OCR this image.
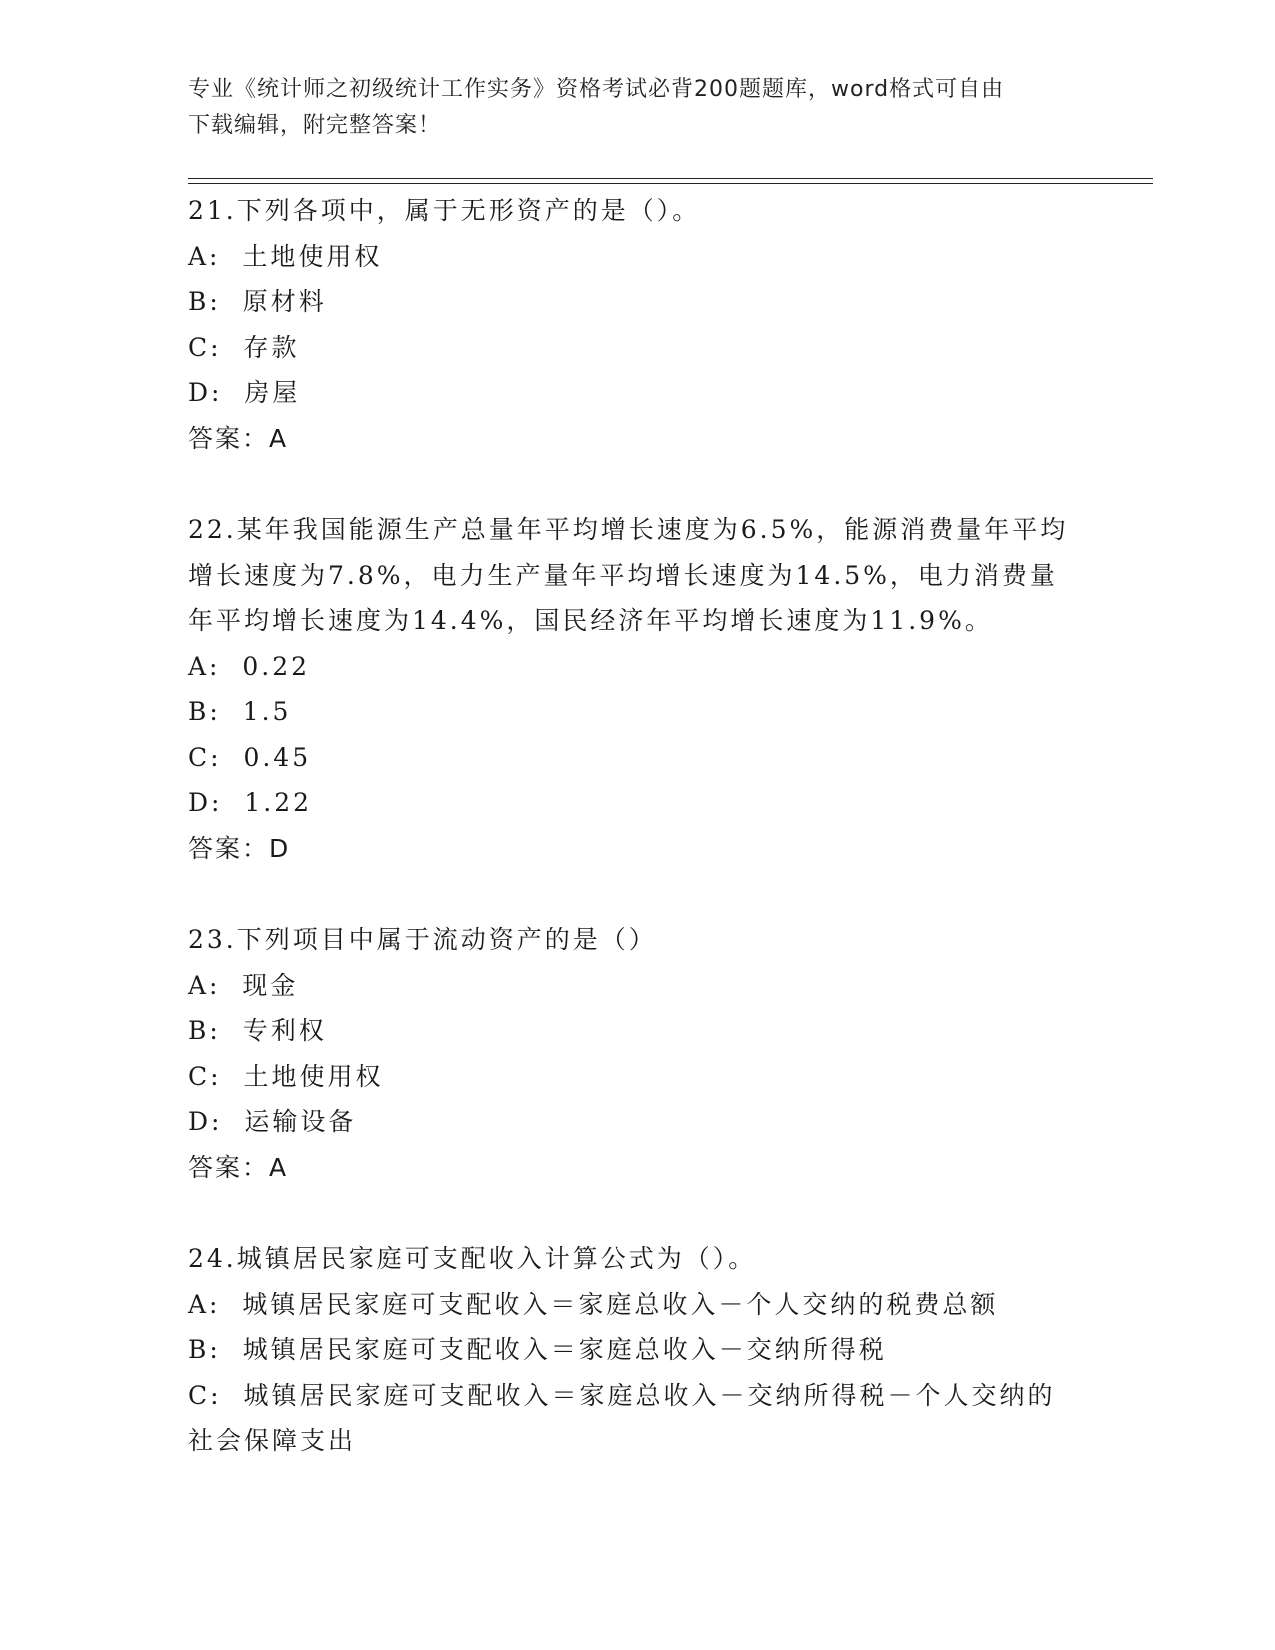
专业《统计师之初级统计工作实务》资格考试必背200题题库，word格式可自由
下载编辑，附完整答案！
21.下列各项中，属于无形资产的是（）。
A:  土地使用权
B:  原材料
C:  存款
D:  房屋
答案：A
22.某年我国能源生产总量年平均增长速度为6.5%，能源消费量年平均
增长速度为7.8%，电力生产量年平均增长速度为14.5%，电力消费量
年平均增长速度为14.4%，国民经济年平均增长速度为11.9%。
A:  0.22
B:  1.5
C:  0.45
D:  1.22
答案：D
23.下列项目中属于流动资产的是（）
A:  现金
B:  专利权
C:  土地使用权
D:  运输设备
答案：A
24.城镇居民家庭可支配收入计算公式为（）。
A:  城镇居民家庭可支配收入＝家庭总收入－个人交纳的税费总额
B:  城镇居民家庭可支配收入＝家庭总收入－交纳所得税
C:  城镇居民家庭可支配收入＝家庭总收入－交纳所得税－个人交纳的
社会保障支出
